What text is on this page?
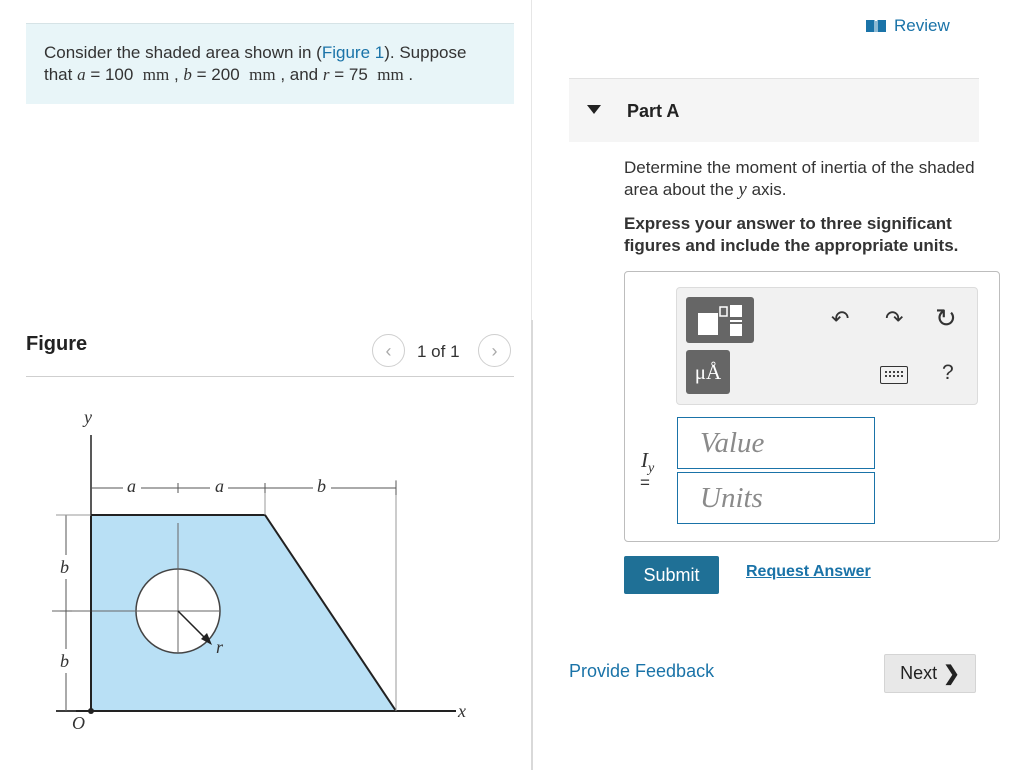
Consider the shaded area shown in (Figure 1). Suppose
that a = 100 mm , b = 200 mm , and r = 75 mm .
Figure	‹ 1 of 1 ›
y
x
O
a	a	b
b
b
r
Review
Part A
Determine the moment of inertia of the shaded area about the y axis.
Express your answer to three significant figures and include the appropriate units.
μÅ
↶ ↷ ↻
?
$I_y$
=
Value
Units
Submit	Request Answer
Provide Feedback	Next ❯
